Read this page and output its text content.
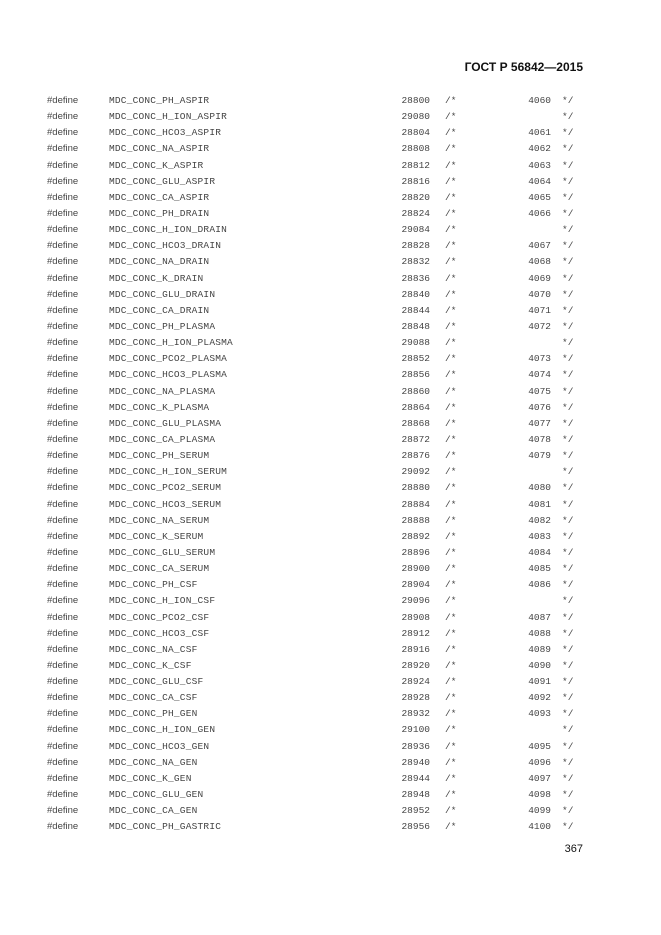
ГОСТ Р 56842—2015
#define	MDC_CONC_PH_ASPIR	28800 /*	4060 */
#define	MDC_CONC_H_ION_ASPIR	29080 /*	*/
#define	MDC_CONC_HCO3_ASPIR	28804 /*	4061 */
#define	MDC_CONC_NA_ASPIR	28808 /*	4062 */
#define	MDC_CONC_K_ASPIR	28812 /*	4063 */
#define	MDC_CONC_GLU_ASPIR	28816 /*	4064 */
#define	MDC_CONC_CA_ASPIR	28820 /*	4065 */
#define	MDC_CONC_PH_DRAIN	28824 /*	4066 */
#define	MDC_CONC_H_ION_DRAIN	29084 /*	*/
#define	MDC_CONC_HCO3_DRAIN	28828 /*	4067 */
#define	MDC_CONC_NA_DRAIN	28832 /*	4068 */
#define	MDC_CONC_K_DRAIN	28836 /*	4069 */
#define	MDC_CONC_GLU_DRAIN	28840 /*	4070 */
#define	MDC_CONC_CA_DRAIN	28844 /*	4071 */
#define	MDC_CONC_PH_PLASMA	28848 /*	4072 */
#define	MDC_CONC_H_ION_PLASMA	29088 /*	*/
#define	MDC_CONC_PCO2_PLASMA	28852 /*	4073 */
#define	MDC_CONC_HCO3_PLASMA	28856 /*	4074 */
#define	MDC_CONC_NA_PLASMA	28860 /*	4075 */
#define	MDC_CONC_K_PLASMA	28864 /*	4076 */
#define	MDC_CONC_GLU_PLASMA	28868 /*	4077 */
#define	MDC_CONC_CA_PLASMA	28872 /*	4078 */
#define	MDC_CONC_PH_SERUM	28876 /*	4079 */
#define	MDC_CONC_H_ION_SERUM	29092 /*	*/
#define	MDC_CONC_PCO2_SERUM	28880 /*	4080 */
#define	MDC_CONC_HCO3_SERUM	28884 /*	4081 */
#define	MDC_CONC_NA_SERUM	28888 /*	4082 */
#define	MDC_CONC_K_SERUM	28892 /*	4083 */
#define	MDC_CONC_GLU_SERUM	28896 /*	4084 */
#define	MDC_CONC_CA_SERUM	28900 /*	4085 */
#define	MDC_CONC_PH_CSF	28904 /*	4086 */
#define	MDC_CONC_H_ION_CSF	29096 /*	*/
#define	MDC_CONC_PCO2_CSF	28908 /*	4087 */
#define	MDC_CONC_HCO3_CSF	28912 /*	4088 */
#define	MDC_CONC_NA_CSF	28916 /*	4089 */
#define	MDC_CONC_K_CSF	28920 /*	4090 */
#define	MDC_CONC_GLU_CSF	28924 /*	4091 */
#define	MDC_CONC_CA_CSF	28928 /*	4092 */
#define	MDC_CONC_PH_GEN	28932 /*	4093 */
#define	MDC_CONC_H_ION_GEN	29100 /*	*/
#define	MDC_CONC_HCO3_GEN	28936 /*	4095 */
#define	MDC_CONC_NA_GEN	28940 /*	4096 */
#define	MDC_CONC_K_GEN	28944 /*	4097 */
#define	MDC_CONC_GLU_GEN	28948 /*	4098 */
#define	MDC_CONC_CA_GEN	28952 /*	4099 */
#define	MDC_CONC_PH_GASTRIC	28956 /*	4100 */

367
